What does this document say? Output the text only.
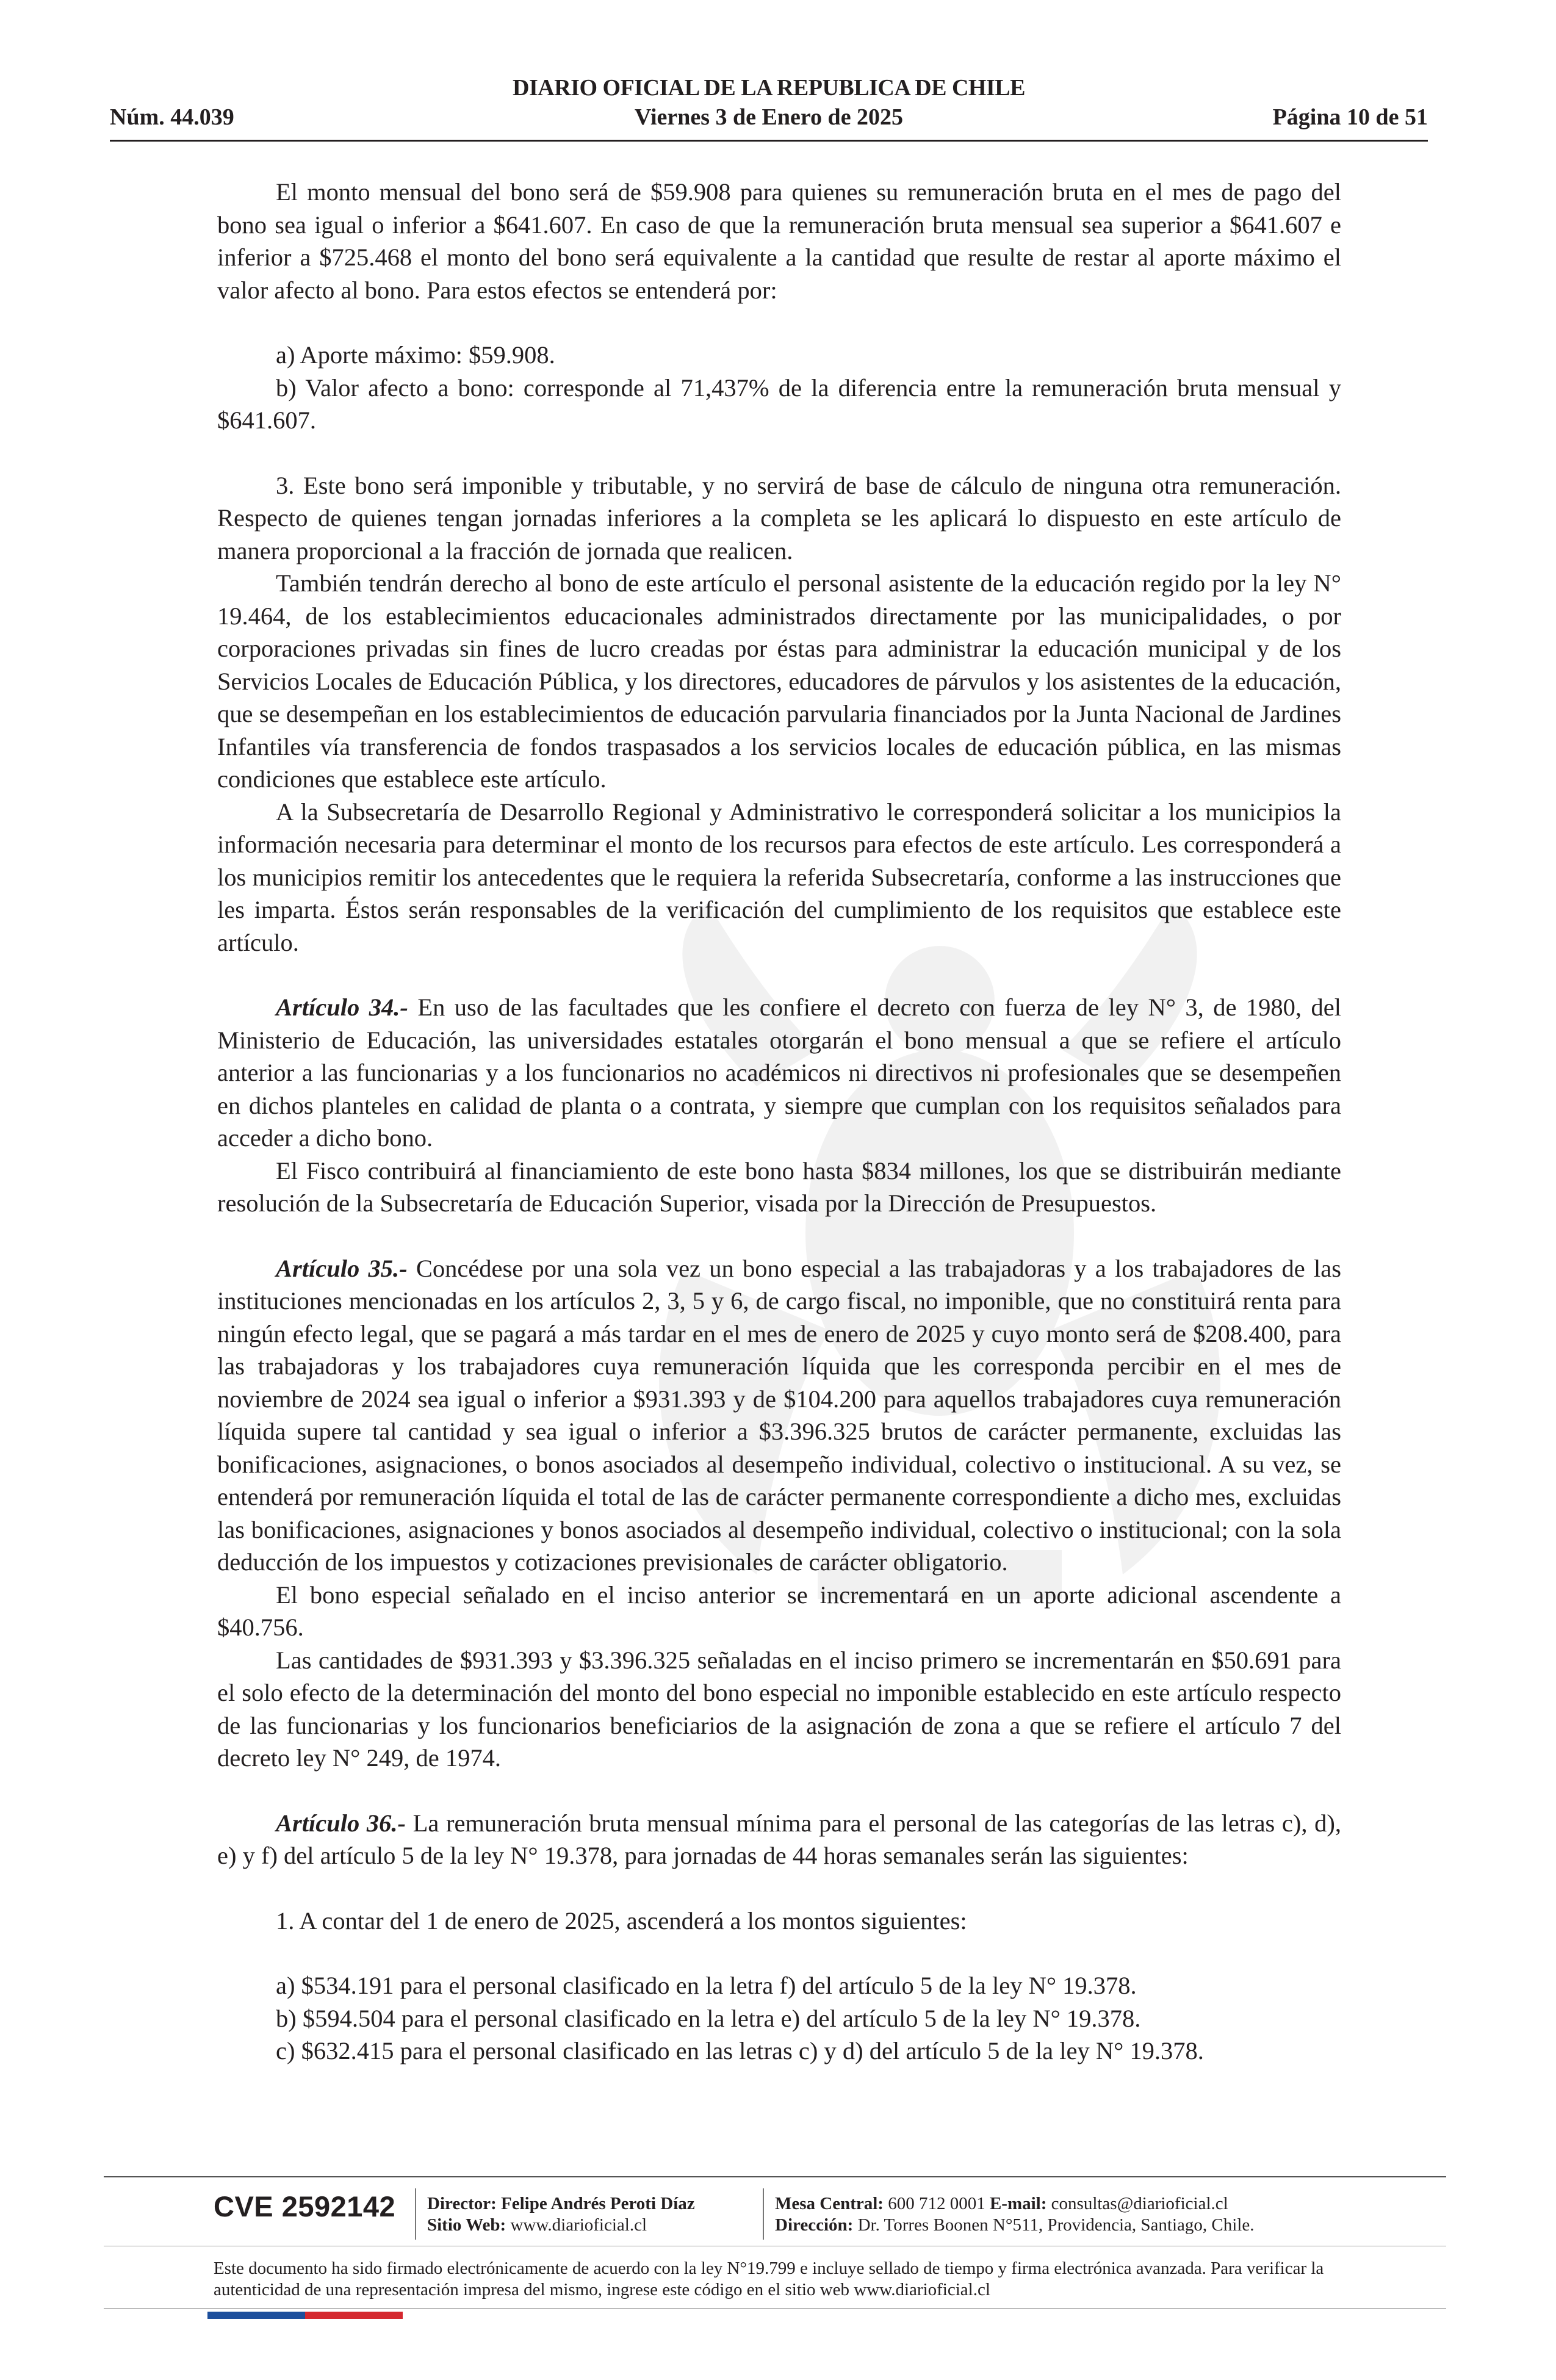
DIARIO OFICIAL DE LA REPUBLICA DE CHILE
Núm. 44.039	Viernes 3 de Enero de 2025	Página 10 de 51

El monto mensual del bono será de $59.908 para quienes su remuneración bruta en el mes de pago del bono sea igual o inferior a $641.607. En caso de que la remuneración bruta mensual sea superior a $641.607 e inferior a $725.468 el monto del bono será equivalente a la cantidad que resulte de restar al aporte máximo el valor afecto al bono. Para estos efectos se entenderá por:

a) Aporte máximo: $59.908.

b) Valor afecto a bono: corresponde al 71,437% de la diferencia entre la remuneración bruta mensual y $641.607.

3. Este bono será imponible y tributable, y no servirá de base de cálculo de ninguna otra remuneración. Respecto de quienes tengan jornadas inferiores a la completa se les aplicará lo dispuesto en este artículo de manera proporcional a la fracción de jornada que realicen.

También tendrán derecho al bono de este artículo el personal asistente de la educación regido por la ley N° 19.464, de los establecimientos educacionales administrados directamente por las municipalidades, o por corporaciones privadas sin fines de lucro creadas por éstas para administrar la educación municipal y de los Servicios Locales de Educación Pública, y los directores, educadores de párvulos y los asistentes de la educación, que se desempeñan en los establecimientos de educación parvularia financiados por la Junta Nacional de Jardines Infantiles vía transferencia de fondos traspasados a los servicios locales de educación pública, en las mismas condiciones que establece este artículo.

A la Subsecretaría de Desarrollo Regional y Administrativo le corresponderá solicitar a los municipios la información necesaria para determinar el monto de los recursos para efectos de este artículo. Les corresponderá a los municipios remitir los antecedentes que le requiera la referida Subsecretaría, conforme a las instrucciones que les imparta. Éstos serán responsables de la verificación del cumplimiento de los requisitos que establece este artículo.

Artículo 34.- En uso de las facultades que les confiere el decreto con fuerza de ley N° 3, de 1980, del Ministerio de Educación, las universidades estatales otorgarán el bono mensual a que se refiere el artículo anterior a las funcionarias y a los funcionarios no académicos ni directivos ni profesionales que se desempeñen en dichos planteles en calidad de planta o a contrata, y siempre que cumplan con los requisitos señalados para acceder a dicho bono.

El Fisco contribuirá al financiamiento de este bono hasta $834 millones, los que se distribuirán mediante resolución de la Subsecretaría de Educación Superior, visada por la Dirección de Presupuestos.

Artículo 35.- Concédese por una sola vez un bono especial a las trabajadoras y a los trabajadores de las instituciones mencionadas en los artículos 2, 3, 5 y 6, de cargo fiscal, no imponible, que no constituirá renta para ningún efecto legal, que se pagará a más tardar en el mes de enero de 2025 y cuyo monto será de $208.400, para las trabajadoras y los trabajadores cuya remuneración líquida que les corresponda percibir en el mes de noviembre de 2024 sea igual o inferior a $931.393 y de $104.200 para aquellos trabajadores cuya remuneración líquida supere tal cantidad y sea igual o inferior a $3.396.325 brutos de carácter permanente, excluidas las bonificaciones, asignaciones, o bonos asociados al desempeño individual, colectivo o institucional. A su vez, se entenderá por remuneración líquida el total de las de carácter permanente correspondiente a dicho mes, excluidas las bonificaciones, asignaciones y bonos asociados al desempeño individual, colectivo o institucional; con la sola deducción de los impuestos y cotizaciones previsionales de carácter obligatorio.

El bono especial señalado en el inciso anterior se incrementará en un aporte adicional ascendente a $40.756.

Las cantidades de $931.393 y $3.396.325 señaladas en el inciso primero se incrementarán en $50.691 para el solo efecto de la determinación del monto del bono especial no imponible establecido en este artículo respecto de las funcionarias y los funcionarios beneficiarios de la asignación de zona a que se refiere el artículo 7 del decreto ley N° 249, de 1974.

Artículo 36.- La remuneración bruta mensual mínima para el personal de las categorías de las letras c), d), e) y f) del artículo 5 de la ley N° 19.378, para jornadas de 44 horas semanales serán las siguientes:

1. A contar del 1 de enero de 2025, ascenderá a los montos siguientes:

a) $534.191 para el personal clasificado en la letra f) del artículo 5 de la ley N° 19.378.

b) $594.504 para el personal clasificado en la letra e) del artículo 5 de la ley N° 19.378.

c) $632.415 para el personal clasificado en las letras c) y d) del artículo 5 de la ley N° 19.378.

CVE 2592142 Director: Felipe Andrés Peroti Díaz
Sitio Web: www.diarioficial.cl
Mesa Central: 600 712 0001 E-mail: consultas@diarioficial.cl
Dirección: Dr. Torres Boonen N°511, Providencia, Santiago, Chile.
Este documento ha sido firmado electrónicamente de acuerdo con la ley N°19.799 e incluye sellado de tiempo y firma electrónica avanzada. Para verificar la autenticidad de una representación impresa del mismo, ingrese este código en el sitio web www.diarioficial.cl
